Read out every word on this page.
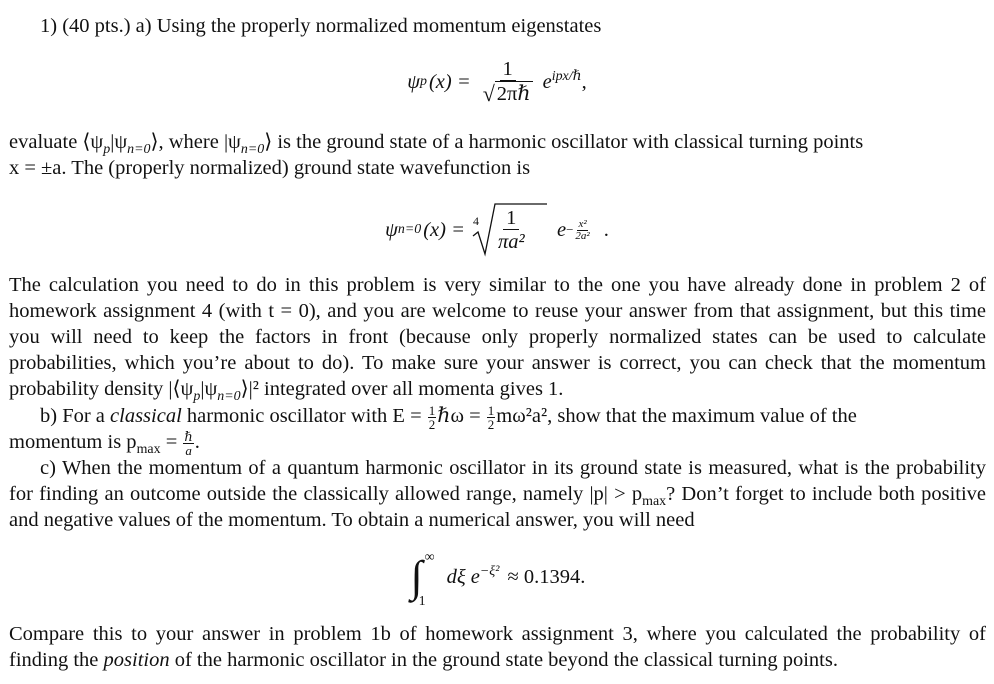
1) (40 pts.) a) Using the properly normalized momentum eigenstates

ψ p $(x) = \frac{1}{\text{√ 2πℏ}} e^{ipx/\hbar}$ ,

evaluate $⟨\psi_p|\psi_{n=0}⟩$, where $|\psi_{n=0}⟩$ is the ground state of a harmonic oscillator with classical turning points

x = ±a. The (properly normalized) ground state wavefunction is

ψ n=0 $(x) = 4 \frac{1}{\text{πa²}}$ $e - \frac{\text{x²}}{\text{2a²}}$ .

The calculation you need to do in this problem is very similar to the one you have already done in problem 2 of homework assignment 4 (with t = 0), and you are welcome to reuse your answer from that assignment, but this time you will need to keep the factors in front (because only properly normalized states can be used to calculate probabilities, which you’re about to do). To make sure your answer is correct, you can check that the momentum probability density $|⟨\psi_p|\psi_{n=0}⟩|^2$ integrated over all momenta gives 1.

b) For a classical harmonic oscillator with $E = \frac{1}{2}$ ℏω = $\frac{1}{2} m\omega^2a^2$, show that the maximum value of the

momentum is $p_{max}$ = ℏ
a .

c) When the momentum of a quantum harmonic oscillator in its ground state is measured, what is the probability for finding an outcome outside the classically allowed range, namely $|p| > p_{max}$? Don’t forget to include both positive and negative values of the momentum. To obtain a numerical answer, you will need

∫ ∞
1
dξ $e^{-\xi^2} \approx 0.1394$.

Compare this to your answer in problem 1b of homework assignment 3, where you calculated the probability of finding the position of the harmonic oscillator in the ground state beyond the classical turning points.
